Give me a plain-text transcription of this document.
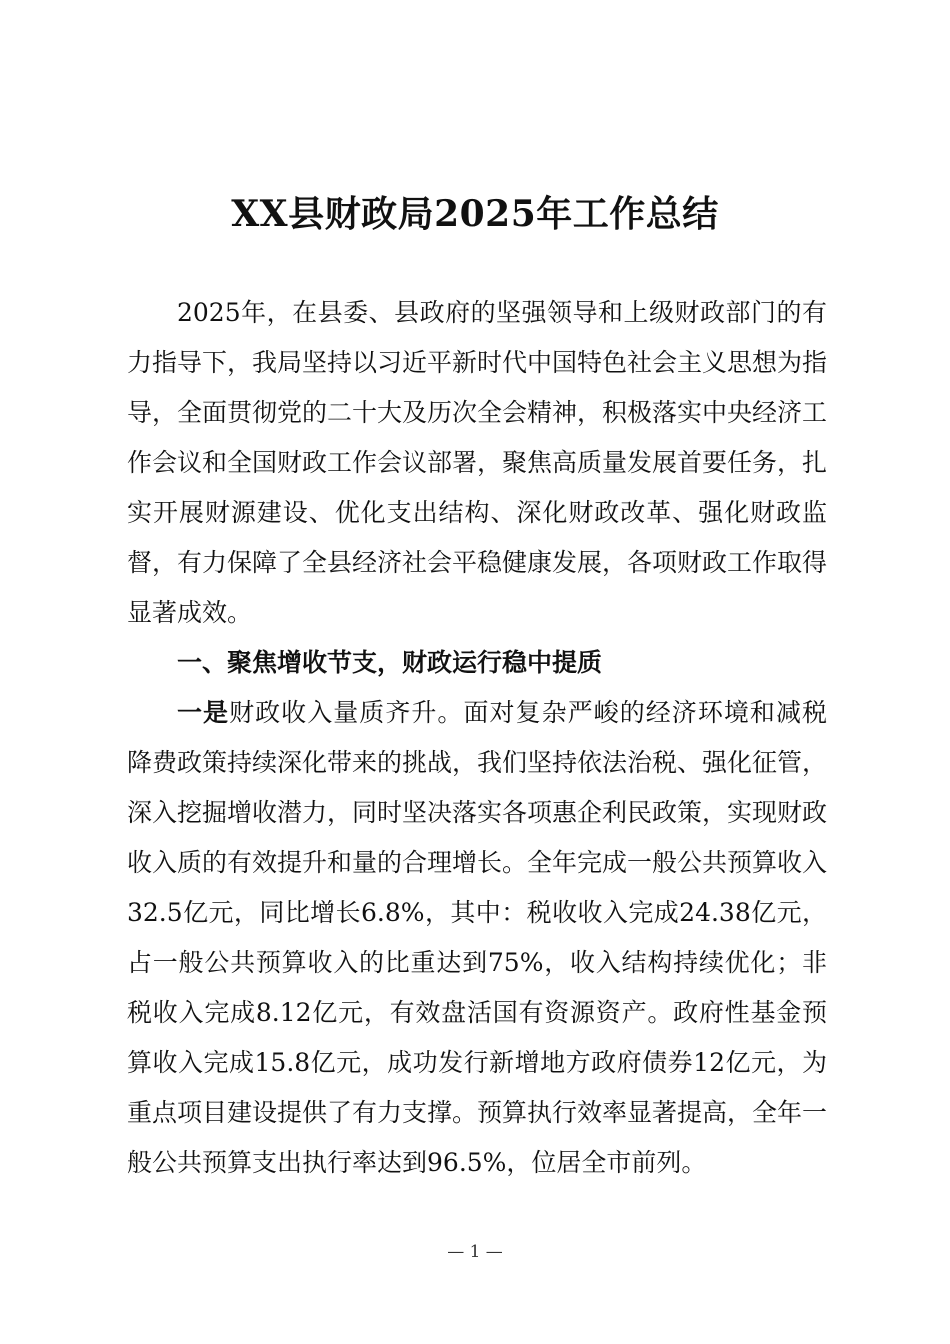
XX县财政局2025年工作总结

2025年，在县委、县政府的坚强领导和上级财政部门的有力指导下，我局坚持以习近平新时代中国特色社会主义思想为指导，全面贯彻党的二十大及历次全会精神，积极落实中央经济工作会议和全国财政工作会议部署，聚焦高质量发展首要任务，扎实开展财源建设、优化支出结构、深化财政改革、强化财政监督，有力保障了全县经济社会平稳健康发展，各项财政工作取得显著成效。

一、聚焦增收节支，财政运行稳中提质

一是财政收入量质齐升。面对复杂严峻的经济环境和减税降费政策持续深化带来的挑战，我们坚持依法治税、强化征管，深入挖掘增收潜力，同时坚决落实各项惠企利民政策，实现财政收入质的有效提升和量的合理增长。全年完成一般公共预算收入32.5亿元，同比增长6.8%，其中：税收收入完成24.38亿元，占一般公共预算收入的比重达到75%，收入结构持续优化；非税收入完成8.12亿元，有效盘活国有资源资产。政府性基金预算收入完成15.8亿元，成功发行新增地方政府债券12亿元，为重点项目建设提供了有力支撑。预算执行效率显著提高，全年一般公共预算支出执行率达到96.5%，位居全市前列。

— 1 —
